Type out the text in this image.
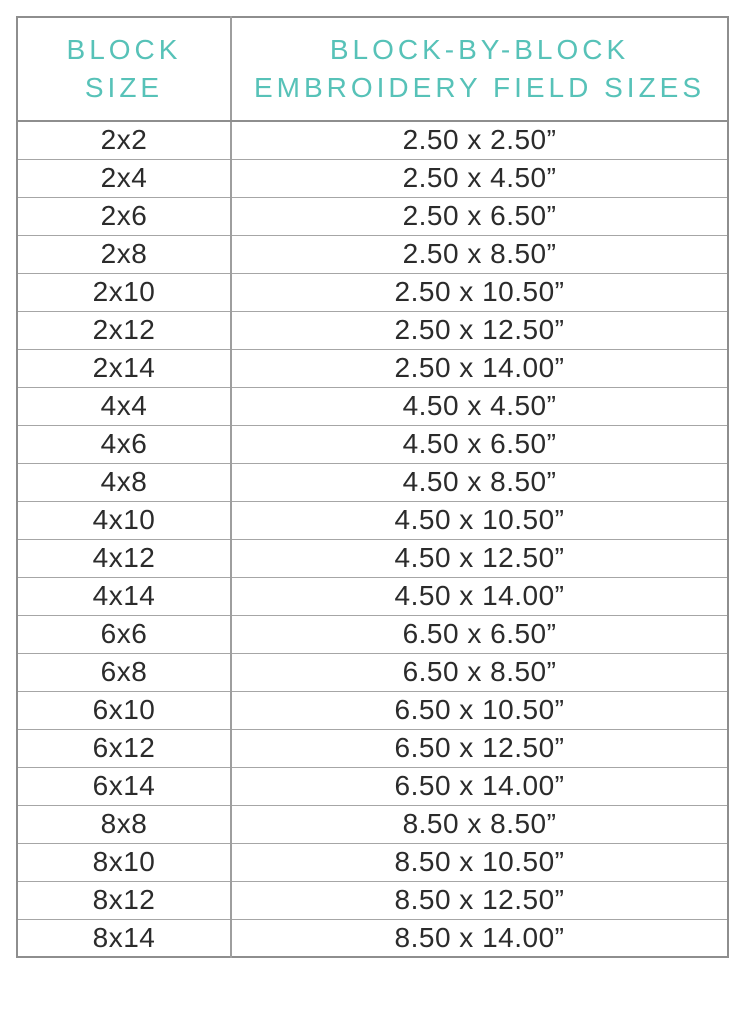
BLOCK
SIZE	BLOCK-BY-BLOCK
EMBROIDERY FIELD SIZES

2x2	2.50 x 2.50”
2x4	2.50 x 4.50”
2x6	2.50 x 6.50”
2x8	2.50 x 8.50”
2x10	2.50 x 10.50”
2x12	2.50 x 12.50”
2x14	2.50 x 14.00”
4x4	4.50 x 4.50”
4x6	4.50 x 6.50”
4x8	4.50 x 8.50”
4x10	4.50 x 10.50”
4x12	4.50 x 12.50”
4x14	4.50 x 14.00”
6x6	6.50 x 6.50”
6x8	6.50 x 8.50”
6x10	6.50 x 10.50”
6x12	6.50 x 12.50”
6x14	6.50 x 14.00”
8x8	8.50 x 8.50”
8x10	8.50 x 10.50”
8x12	8.50 x 12.50”
8x14	8.50 x 14.00”
